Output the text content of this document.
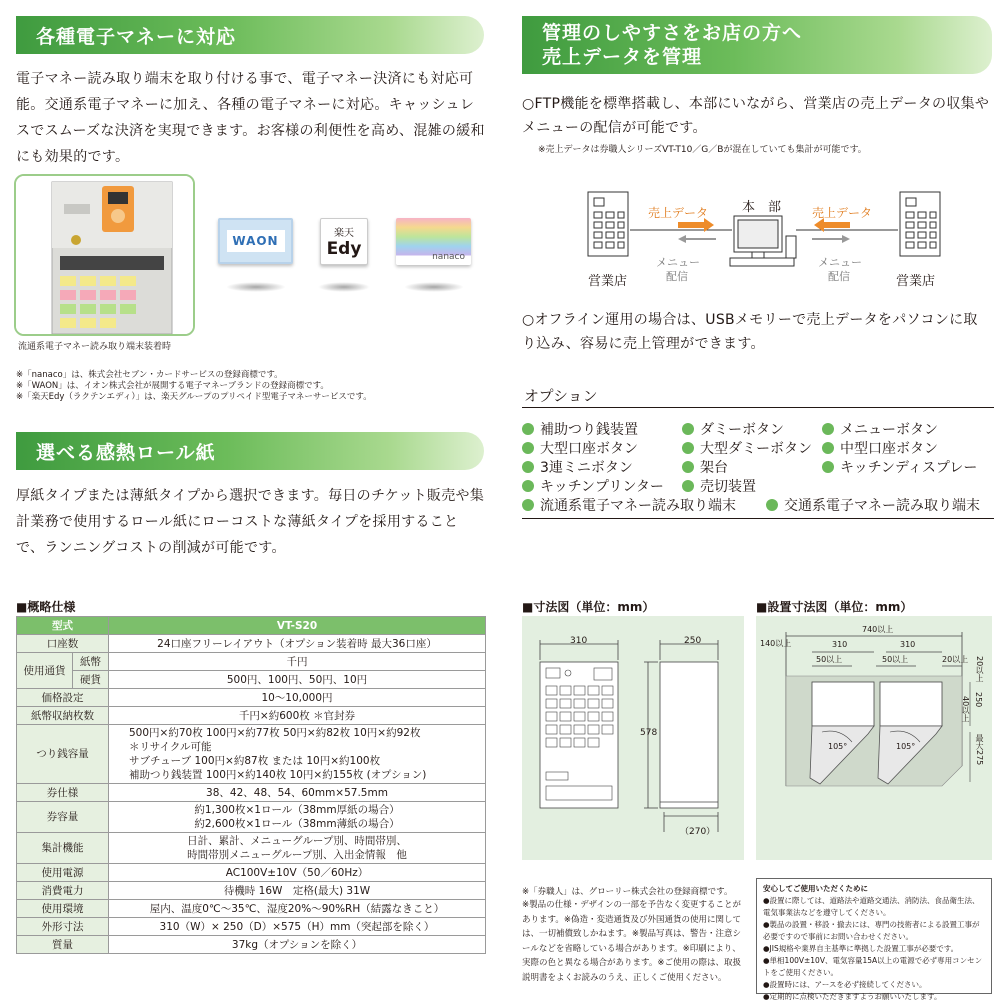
各種電子マネーに対応
電子マネー読み取り端末を取り付ける事で、電子マネー決済にも対応可能。交通系電子マネーに加え、各種の電子マネーに対応。キャッシュレスでスムーズな決済を実現できます。お客様の利便性を高め、混雑の緩和にも効果的です。
流通系電子マネー読み取り端末装着時
WAON
楽天
Edy	nanaco
※「nanaco」は、株式会社セブン・カードサービスの登録商標です。
※「WAON」は、イオン株式会社が展開する電子マネーブランドの登録商標です。
※「楽天Edy（ラクテンエディ）」は、楽天グループのプリペイド型電子マネーサービスです。
選べる感熱ロール紙
厚紙タイプまたは薄紙タイプから選択できます。毎日のチケット販売や集計業務で使用するロール紙にローコストな薄紙タイプを採用することで、ランニングコストの削減が可能です。
管理のしやすさをお店の方へ
売上データを管理
○FTP機能を標準搭載し、本部にいながら、営業店の売上データの収集やメニューの配信が可能です。
※売上データは券職人シリーズVT-T10／G／Bが混在していても集計が可能です。
本　部
売上データ	売上データ
メニュー
配信
メニュー
配信
営業店	営業店
○オフライン運用の場合は、USBメモリーで売上データをパソコンに取り込み、容易に売上管理ができます。
オプション
補助つり銭装置	ダミーボタン	メニューボタン
大型口座ボタン	大型ダミーボタン 中型口座ボタン
3連ミニボタン	架台	キッチンディスプレー
キッチンプリンター	売切装置
流通系電子マネー読み取り端末	交通系電子マネー読み取り端末
■概略仕様
型式		VT-S20
口座数		24口座フリーレイアウト（オプション装着時 最大36口座）
使用通貨	紙幣	千円
	硬貨	500円、100円、50円、10円
価格設定		10～10,000円
紙幣収納枚数		千円×約600枚 ＊官封券
つり銭容量		500円×約70枚 100円×約77枚 50円×約82枚 10円×約92枚
＊リサイクル可能
サブチューブ 100円×約87枚 または 10円×約100枚
補助つり銭装置 100円×約140枚 10円×約155枚 (オプション)

券仕様		38、42、48、54、60mm×57.5mm
券容量		約1,300枚×1ロール（38mm厚紙の場合）
約2,600枚×1ロール（38mm薄紙の場合）

集計機能		日計、累計、メニューグループ別、時間帯別、
時間帯別メニューグループ別、入出金情報　他

使用電源		AC100V±10V（50／60Hz）
消費電力		待機時 16W　定格(最大) 31W
使用環境		屋内、温度0℃～35℃、湿度20%～90%RH（結露なきこと）
外形寸法		310（W）× 250（D）×575（H）mm（突起部を除く）
質量		37kg（オプションを除く）
■寸法図（単位：mm）
310	250
578
（270）
■設置寸法図（単位：mm）
740以上
140以上	310	310
50以上	50以上	20以上 20以上
250
40以上
最大275
105°	105°
※「券職人」は、グローリー株式会社の登録商標です。
※製品の仕様・デザインの一部を予告なく変更することがあります。※偽造・変造通貨及び外国通貨の使用に関しては、一切補償致しかねます。※製品写真は、警告・注意シールなどを省略している場合があります。※印刷により、実際の色と異なる場合があります。※ご使用の際は、取扱説明書をよくお読みのうえ、正しくご使用ください。
安心してご使用いただくために
●設置に際しては、道路法や道路交通法、消防法、食品衛生法、電気事業法などを遵守してください。
●製品の設置・移設・撤去には、専門の技術者による設置工事が必要ですので事前にお問い合わせください。
●JIS規格や業界自主基準に準拠した設置工事が必要です。
●単相100V±10V、電気容量15A以上の電源で必ず専用コンセントをご使用ください。
●設置時には、アースを必ず接続してください。
●定期的に点検いただきますようお願いいたします。
